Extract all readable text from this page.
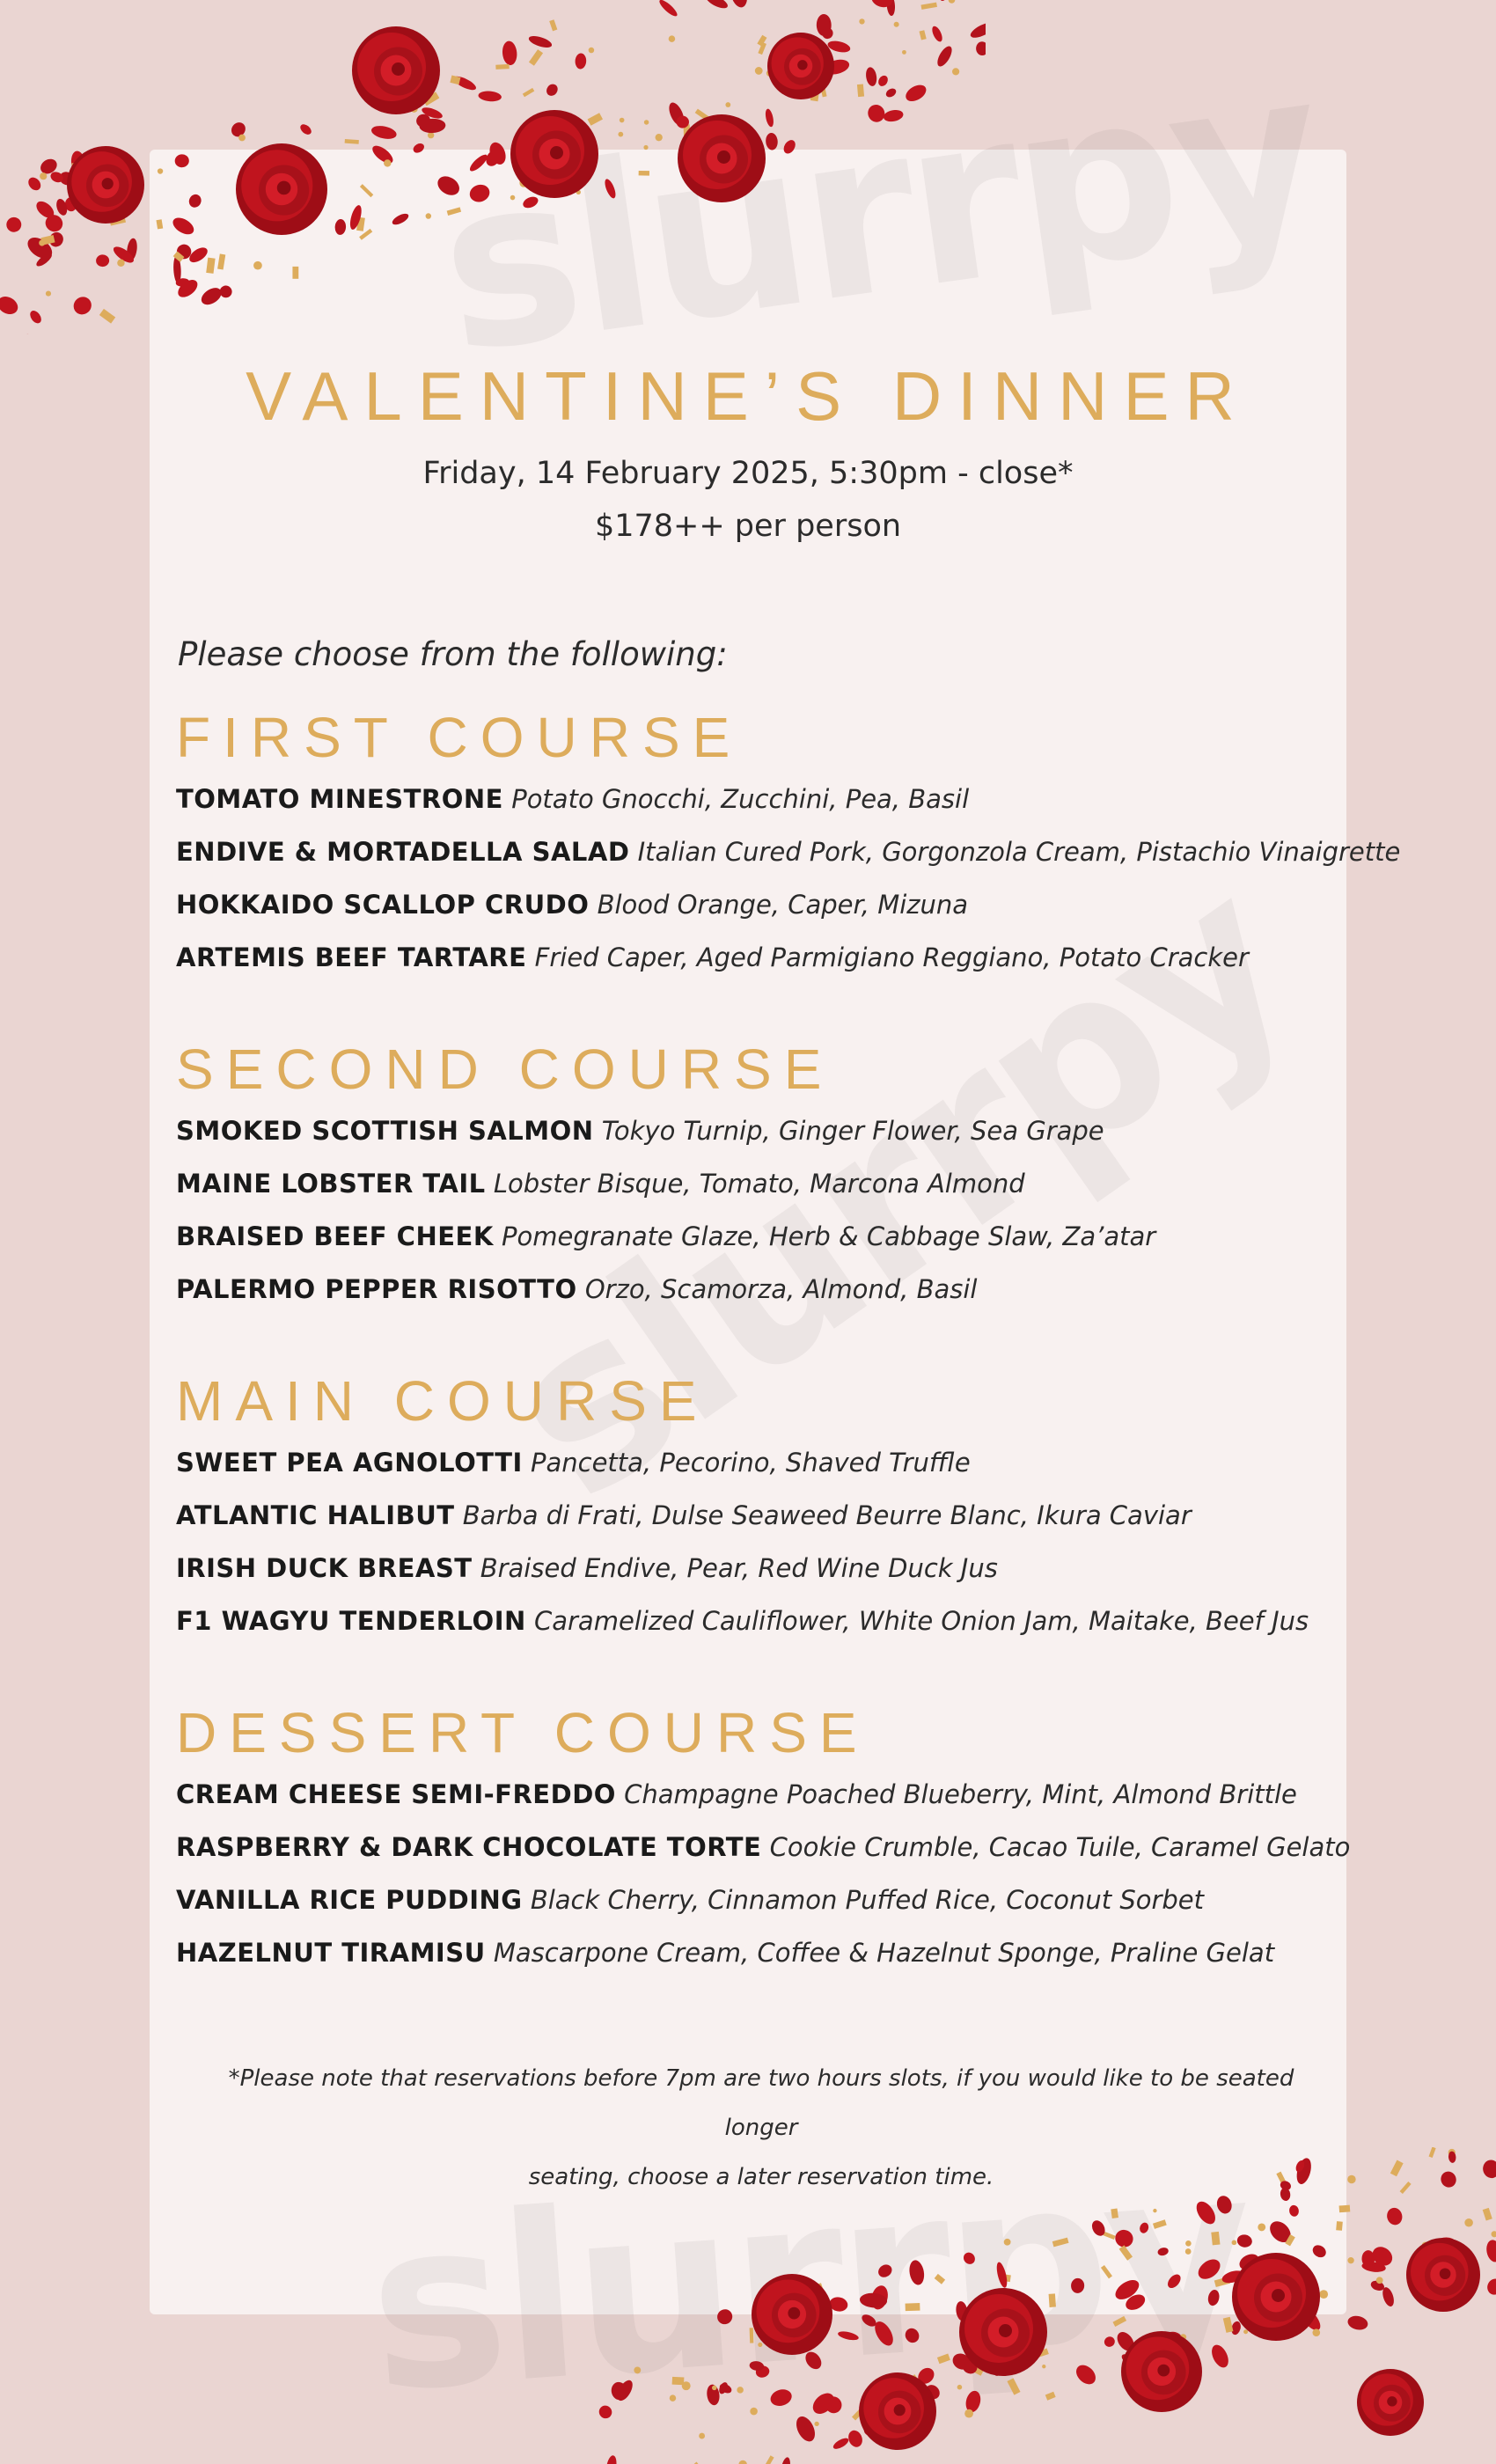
VALENTINE’S DINNER
Friday, 14 February 2025, 5:30pm - close*
$178++ per person
Please choose from the following:
FIRST COURSE
TOMATO MINESTRONE Potato Gnocchi, Zucchini, Pea, Basil
ENDIVE & MORTADELLA SALAD Italian Cured Pork, Gorgonzola Cream, Pistachio Vinaigrette
HOKKAIDO SCALLOP CRUDO Blood Orange, Caper, Mizuna
ARTEMIS BEEF TARTARE Fried Caper, Aged Parmigiano Reggiano, Potato Cracker
SECOND COURSE
SMOKED SCOTTISH SALMON Tokyo Turnip, Ginger Flower, Sea Grape
MAINE LOBSTER TAIL Lobster Bisque, Tomato, Marcona Almond
BRAISED BEEF CHEEK Pomegranate Glaze, Herb & Cabbage Slaw, Za’atar
PALERMO PEPPER RISOTTO Orzo, Scamorza, Almond, Basil
MAIN COURSE
SWEET PEA AGNOLOTTI Pancetta, Pecorino, Shaved Truffle
ATLANTIC HALIBUT Barba di Frati, Dulse Seaweed Beurre Blanc, Ikura Caviar
IRISH DUCK BREAST Braised Endive, Pear, Red Wine Duck Jus
F1 WAGYU TENDERLOIN Caramelized Cauliflower, White Onion Jam, Maitake, Beef Jus
DESSERT COURSE
CREAM CHEESE SEMI-FREDDO Champagne Poached Blueberry, Mint, Almond Brittle
RASPBERRY & DARK CHOCOLATE TORTE Cookie Crumble, Cacao Tuile, Caramel Gelato
VANILLA RICE PUDDING Black Cherry, Cinnamon Puffed Rice, Coconut Sorbet
HAZELNUT TIRAMISU Mascarpone Cream, Coffee & Hazelnut Sponge, Praline Gelat
*Please note that reservations before 7pm are two hours slots, if you would like to be seated longer
seating, choose a later reservation time.
